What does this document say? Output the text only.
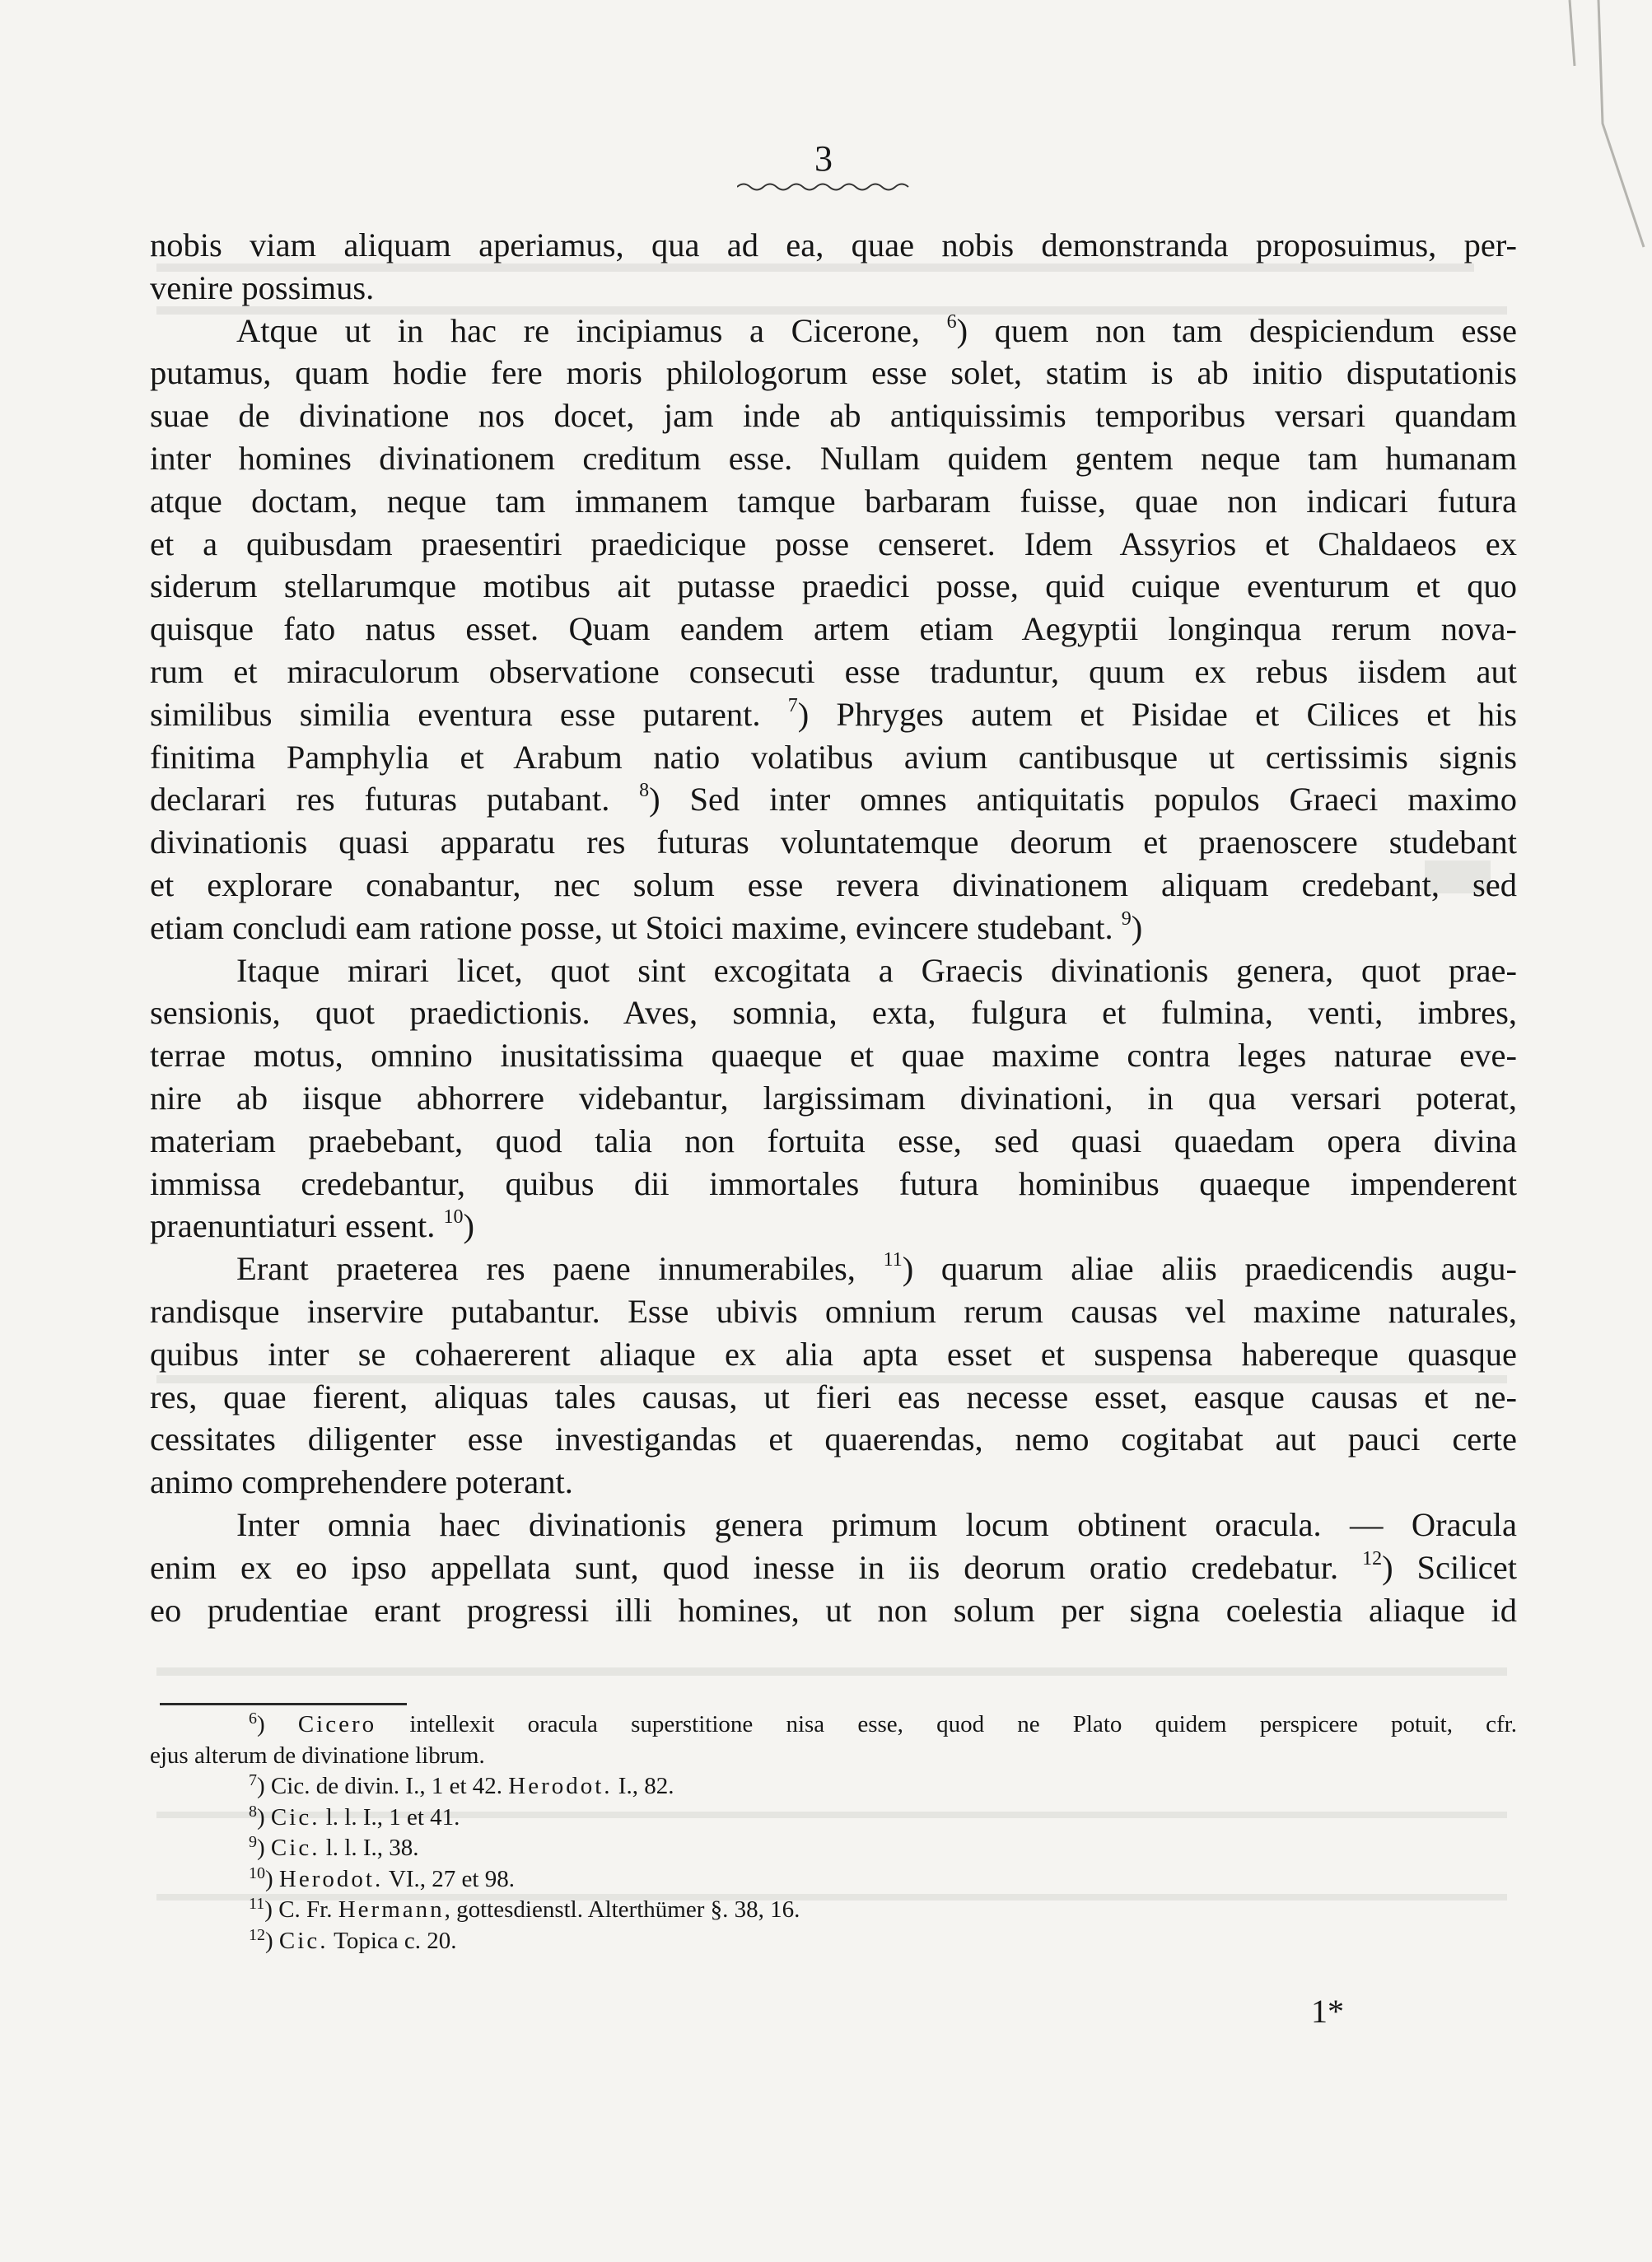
3
nobis viam aliquam aperiamus, qua ad ea, quae nobis demonstranda proposuimus, per-
venire possimus.
Atque ut in hac re incipiamus a Cicerone, $^6$) quem non tam despiciendum esse
putamus, quam hodie fere moris philologorum esse solet, statim is ab initio disputationis
suae de divinatione nos docet, jam inde ab antiquissimis temporibus versari quandam
inter homines divinationem creditum esse. Nullam quidem gentem neque tam humanam
atque doctam, neque tam immanem tamque barbaram fuisse, quae non indicari futura
et a quibusdam praesentiri praedicique posse censeret. Idem Assyrios et Chaldaeos ex
siderum stellarumque motibus ait putasse praedici posse, quid cuique eventurum et quo
quisque fato natus esset. Quam eandem artem etiam Aegyptii longinqua rerum nova-
rum et miraculorum observatione consecuti esse traduntur, quum ex rebus iisdem aut
similibus similia eventura esse putarent. $^7$) Phryges autem et Pisidae et Cilices et his
finitima Pamphylia et Arabum natio volatibus avium cantibusque ut certissimis signis
declarari res futuras putabant. $^8$) Sed inter omnes antiquitatis populos Graeci maximo
divinationis quasi apparatu res futuras voluntatemque deorum et praenoscere studebant
et explorare conabantur, nec solum esse revera divinationem aliquam credebant, sed
etiam concludi eam ratione posse, ut Stoici maxime, evincere studebant. $^9$)
Itaque mirari licet, quot sint excogitata a Graecis divinationis genera, quot prae-
sensionis, quot praedictionis. Aves, somnia, exta, fulgura et fulmina, venti, imbres,
terrae motus, omnino inusitatissima quaeque et quae maxime contra leges naturae eve-
nire ab iisque abhorrere videbantur, largissimam divinationi, in qua versari poterat,
materiam praebebant, quod talia non fortuita esse, sed quasi quaedam opera divina
immissa credebantur, quibus dii immortales futura hominibus quaeque impenderent
praenuntiaturi essent. $^{10}$)
Erant praeterea res paene innumerabiles, $^{11}$) quarum aliae aliis praedicendis augu-
randisque inservire putabantur. Esse ubivis omnium rerum causas vel maxime naturales,
quibus inter se cohaererent aliaque ex alia apta esset et suspensa habereque quasque
res, quae fierent, aliquas tales causas, ut fieri eas necesse esset, easque causas et ne-
cessitates diligenter esse investigandas et quaerendas, nemo cogitabat aut pauci certe
animo comprehendere poterant.
Inter omnia haec divinationis genera primum locum obtinent oracula. — Oracula
enim ex eo ipso appellata sunt, quod inesse in iis deorum oratio credebatur. $^{12}$) Scilicet
eo prudentiae erant progressi illi homines, ut non solum per signa coelestia aliaque id
$^6$) Cicero intellexit oracula superstitione nisa esse, quod ne Plato quidem perspicere potuit, cfr.
ejus alterum de divinatione librum.
$^7$) Cic. de divin. I., 1 et 42. Herodot. I., 82.
$^8$) Cic. l. l. I., 1 et 41.
$^9$) Cic. l. l. I., 38.
$^{10}$) Herodot. VI., 27 et 98.
$^{11}$) C. Fr. Hermann, gottesdienstl. Alterthümer §. 38, 16.
$^{12}$) Cic. Topica c. 20.
1*
